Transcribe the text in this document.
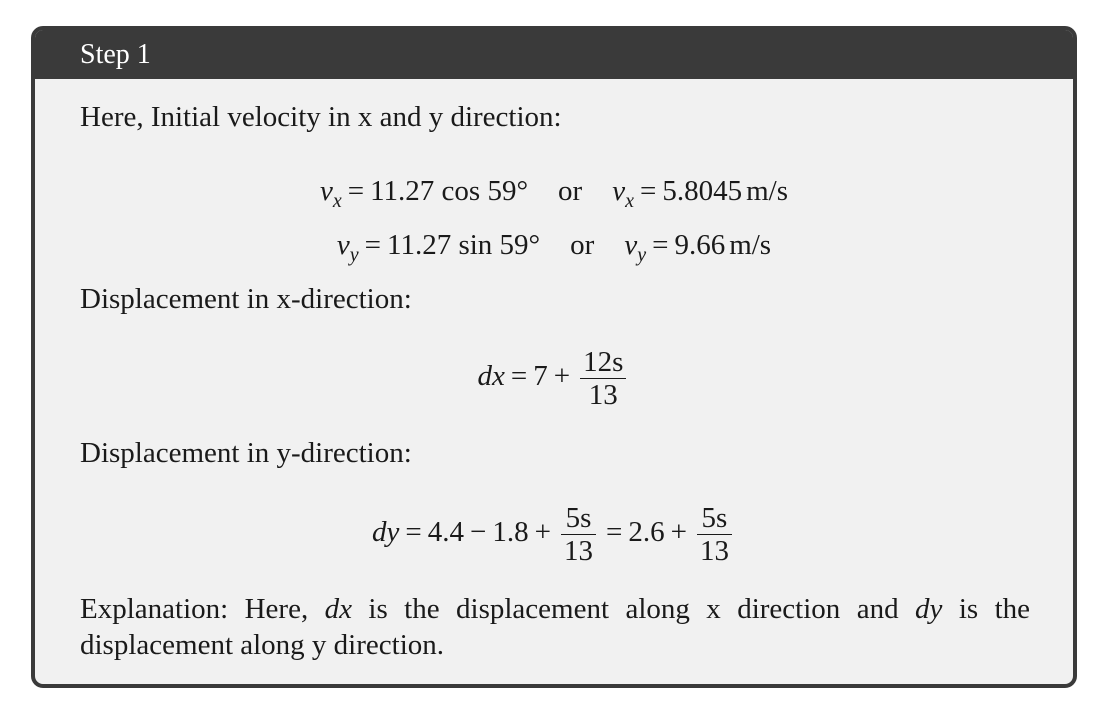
Step 1
Here, Initial velocity in x and y direction:
$v_x = 11.27$ cos 59° or $v_x = 5.8045$ m/s
$v_y = 11.27$ sin 59° or $v_y = 9.66$ m/s
Displacement in x-direction:
dx = $7 + \frac{12s}{13}$
Displacement in y-direction:
dy = $4.4 - 1.8 + \frac{5s}{13} = 2.6 + \frac{5s}{13}$
Explanation: Here, dx is the displacement along x direction and dy is the displacement along y direction.
